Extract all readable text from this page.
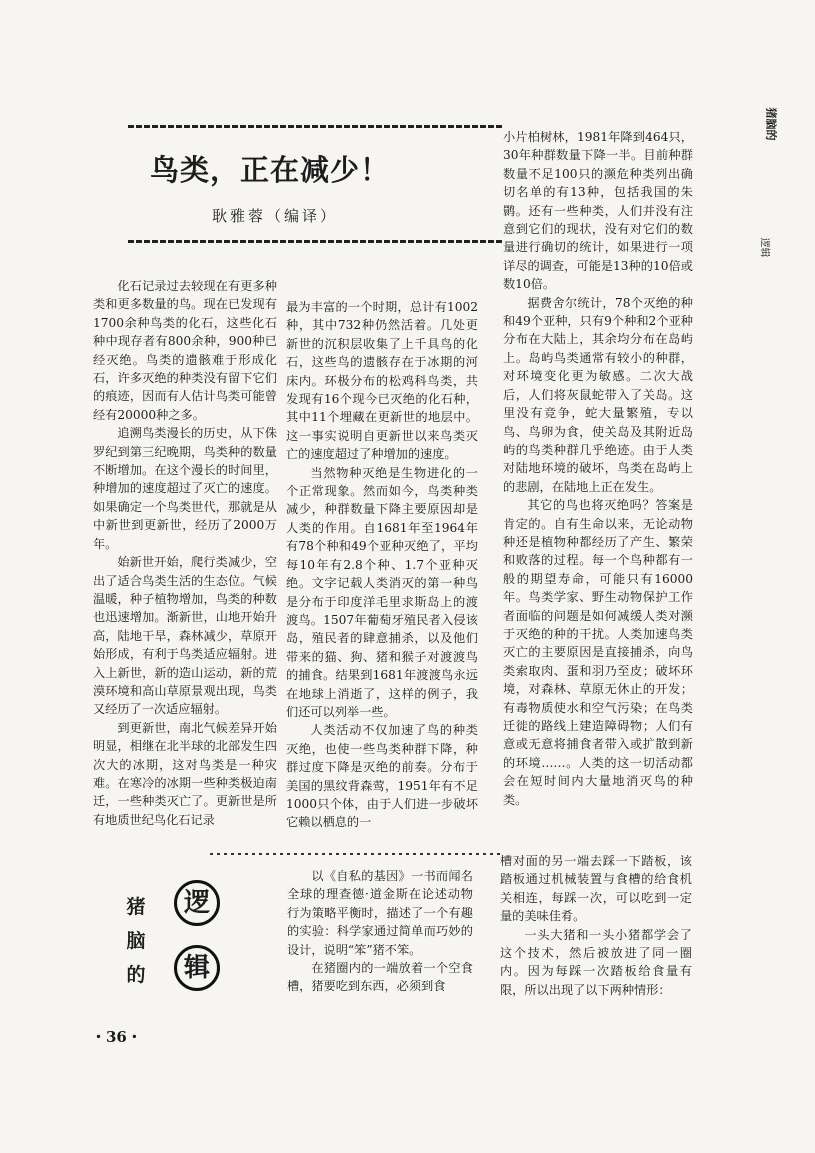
鸟类，正在减少！
耿雅蓉（编译）

化石记录过去较现在有更多种类和更多数量的鸟。现在已发现有1700余种鸟类的化石，这些化石种中现存者有800余种，900种已经灭绝。鸟类的遗骸难于形成化石，许多灭绝的种类没有留下它们的痕迹，因而有人估计鸟类可能曾经有20000种之多。

追溯鸟类漫长的历史，从下侏罗纪到第三纪晚期，鸟类种的数量不断增加。在这个漫长的时间里，种增加的速度超过了灭亡的速度。如果确定一个鸟类世代，那就是从中新世到更新世，经历了2000万年。

始新世开始，爬行类减少，空出了适合鸟类生活的生态位。气候温暖，种子植物增加，鸟类的种数也迅速增加。渐新世，山地开始升高，陆地干旱，森林减少，草原开始形成，有利于鸟类适应辐射。进入上新世，新的造山运动，新的荒漠环境和高山草原景观出现，鸟类又经历了一次适应辐射。

到更新世，南北气候差异开始明显，相继在北半球的北部发生四次大的冰期，这对鸟类是一种灾难。在寒冷的冰期一些种类极迫南迁，一些种类灭亡了。更新世是所有地质世纪鸟化石记录

最为丰富的一个时期，总计有1002种，其中732种仍然活着。几处更新世的沉积层收集了上千具鸟的化石，这些鸟的遗骸存在于冰期的河床内。环极分布的松鸡科鸟类，共发现有16个现今已灭绝的化石种，其中11个埋藏在更新世的地层中。这一事实说明自更新世以来鸟类灭亡的速度超过了种增加的速度。

当然物种灭绝是生物进化的一个正常现象。然而如今，鸟类种类减少，种群数量下降主要原因却是人类的作用。自1681年至1964年有78个种和49个亚种灭绝了，平均每10年有2.8个种、1.7个亚种灭绝。文字记载人类消灭的第一种鸟是分布于印度洋毛里求斯岛上的渡渡鸟。1507年葡萄牙殖民者入侵该岛，殖民者的肆意捕杀，以及他们带来的猫、狗、猪和猴子对渡渡鸟的捕食。结果到1681年渡渡鸟永远在地球上消逝了，这样的例子，我们还可以列举一些。

人类活动不仅加速了鸟的种类灭绝，也使一些鸟类种群下降，种群过度下降是灭绝的前奏。分布于美国的黑纹背森莺，1951年有不足1000只个体，由于人们进一步破坏它赖以栖息的一

小片柏树林，1981年降到464只，30年种群数量下降一半。目前种群数量不足100只的濒危种类列出确切名单的有13种，包括我国的朱鹮。还有一些种类，人们并没有注意到它们的现状，没有对它们的数量进行确切的统计，如果进行一项详尽的调查，可能是13种的10倍或数10倍。

据费舍尔统计，78个灭绝的种和49个亚种，只有9个种和2个亚种分布在大陆上，其余均分布在岛屿上。岛屿鸟类通常有较小的种群，对环境变化更为敏感。二次大战后，人们将灰鼠蛇带入了关岛。这里没有竞争，蛇大量繁殖，专以鸟、鸟卵为食，使关岛及其附近岛屿的鸟类种群几乎绝迹。由于人类对陆地环境的破坏，鸟类在岛屿上的悲剧，在陆地上正在发生。

其它的鸟也将灭绝吗？答案是肯定的。自有生命以来，无论动物种还是植物种都经历了产生、繁荣和败落的过程。每一个鸟种都有一般的期望寿命，可能只有16000年。鸟类学家、野生动物保护工作者面临的问题是如何减缓人类对濒于灭绝的种的干扰。人类加速鸟类灭亡的主要原因是直接捕杀，向鸟类索取肉、蛋和羽乃至皮；破坏环境，对森林、草原无休止的开发；有毒物质使水和空气污染；在鸟类迁徙的路线上建造障碍物；人们有意或无意将捕食者带入或扩散到新的环境……。人类的这一切活动都会在短时间内大量地消灭鸟的种类。

猪
脑
的
逻
辑

以《自私的基因》一书而闻名全球的理查德·道金斯在论述动物行为策略平衡时，描述了一个有趣的实验：科学家通过简单而巧妙的设计，说明“笨”猪不笨。

在猪圈内的一端放着一个空食槽，猪要吃到东西，必须到食

槽对面的另一端去踩一下踏板，该踏板通过机械装置与食槽的给食机关相连，每踩一次，可以吃到一定量的美味佳肴。

一头大猪和一头小猪都学会了这个技术，然后被放进了同一圈内。因为每踩一次踏板给食量有限，所以出现了以下两种情形：

・36・
猪脑的
逻辑
